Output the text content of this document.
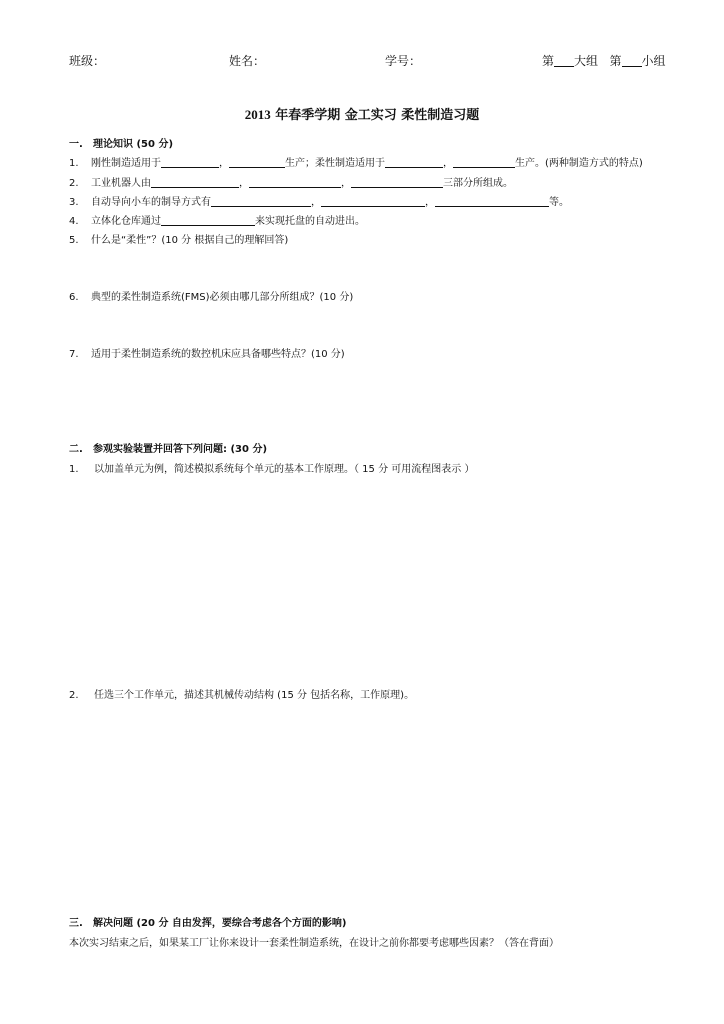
班级：	姓名：	学号：	第 大组 第 小组
2013 年春季学期 金工实习 柔性制造习题
一. 理论知识 (50 分)
1. 刚性制造适用于	，	生产；柔性制造适用于	，	生产。(两种制造方式的特点)
2. 工业机器人由	，	，	三部分所组成。
3. 自动导向小车的制导方式有	，	，	等。
4. 立体化仓库通过	来实现托盘的自动进出。
5. 什么是“柔性”？(10 分 根据自己的理解回答)
6. 典型的柔性制造系统(FMS)必须由哪几部分所组成？(10 分)
7. 适用于柔性制造系统的数控机床应具备哪些特点？(10 分)
二. 参观实验装置并回答下列问题: (30 分)
1. 以加盖单元为例，简述模拟系统每个单元的基本工作原理。（ 15 分 可用流程图表示 ）
2. 任选三个工作单元，描述其机械传动结构 (15 分 包括名称，工作原理)。
三. 解决问题 (20 分 自由发挥，要综合考虑各个方面的影响)
本次实习结束之后，如果某工厂让你来设计一套柔性制造系统，在设计之前你都要考虑哪些因素？（答在背面）
